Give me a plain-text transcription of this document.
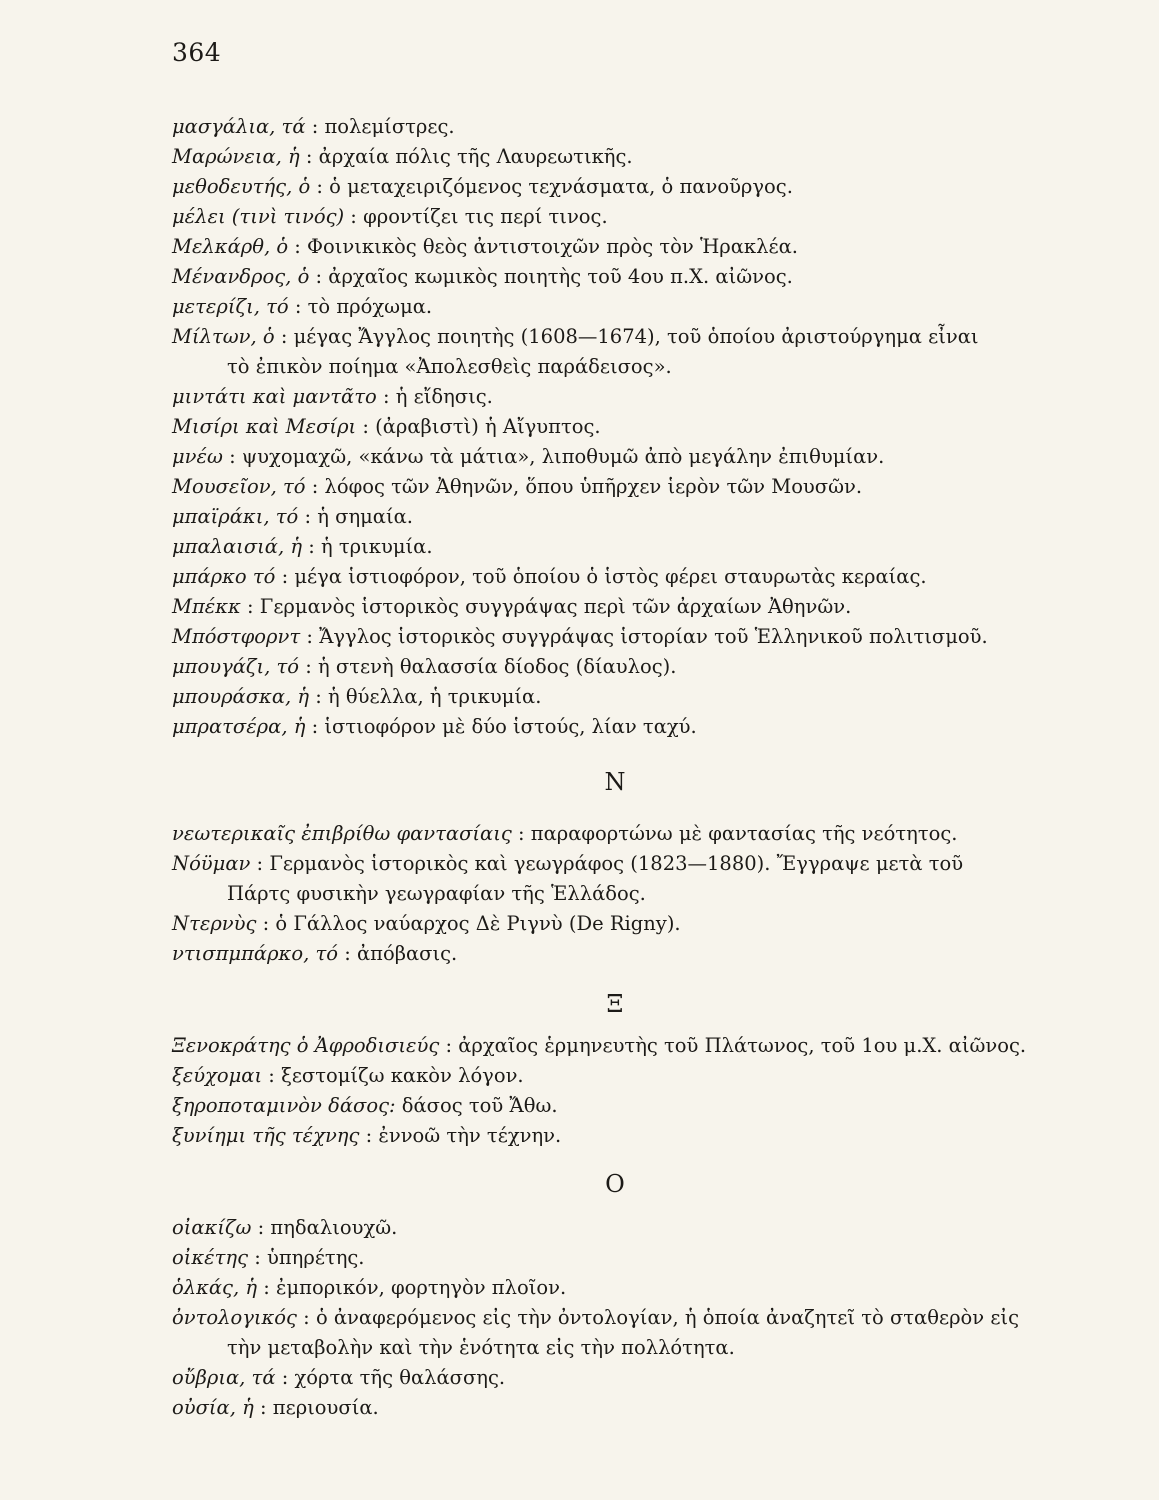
364
μασγάλια, τά : πολεμίστρες.
Μαρώνεια, ἡ : ἀρχαία πόλις τῆς Λαυρεωτικῆς.
μεθοδευτής, ὁ : ὁ μεταχειριζόμενος τεχνάσματα, ὁ πανοῦργος.
μέλει (τινὶ τινός) : φροντίζει τις περί τινος.
Μελκάρθ, ὁ : Φοινικικὸς θεὸς ἀντιστοιχῶν πρὸς τὸν Ἡρακλέα.
Μένανδρος, ὁ : ἀρχαῖος κωμικὸς ποιητὴς τοῦ 4ου π.Χ. αἰῶνος.
μετερίζι, τό : τὸ πρόχωμα.
Μίλτων, ὁ : μέγας Ἄγγλος ποιητὴς (1608—1674), τοῦ ὁποίου ἀριστούργημα εἶναι
τὸ ἐπικὸν ποίημα «Ἀπολεσθεὶς παράδεισος».
μιντάτι καὶ μαντᾶτο : ἡ εἴδησις.
Μισίρι καὶ Μεσίρι : (ἀραβιστὶ) ἡ Αἴγυπτος.
μνέω : ψυχομαχῶ, «κάνω τὰ μάτια», λιποθυμῶ ἀπὸ μεγάλην ἐπιθυμίαν.
Μουσεῖον, τό : λόφος τῶν Ἀθηνῶν, ὅπου ὑπῆρχεν ἱερὸν τῶν Μουσῶν.
μπαϊράκι, τό : ἡ σημαία.
μπαλαισιά, ἡ : ἡ τρικυμία.
μπάρκο τό : μέγα ἱστιοφόρον, τοῦ ὁποίου ὁ ἱστὸς φέρει σταυρωτὰς κεραίας.
Μπέκκ : Γερμανὸς ἱστορικὸς συγγράψας περὶ τῶν ἀρχαίων Ἀθηνῶν.
Μπόστφορντ : Ἄγγλος ἱστορικὸς συγγράψας ἱστορίαν τοῦ Ἑλληνικοῦ πολιτισμοῦ.
μπουγάζι, τό : ἡ στενὴ θαλασσία δίοδος (δίαυλος).
μπουράσκα, ἡ : ἡ θύελλα, ἡ τρικυμία.
μπρατσέρα, ἡ : ἱστιοφόρον μὲ δύο ἱστούς, λίαν ταχύ.
Ν
νεωτερικαῖς ἐπιβρίθω φαντασίαις : παραφορτώνω μὲ φαντασίας τῆς νεότητος.
Νόϋμαν : Γερμανὸς ἱστορικὸς καὶ γεωγράφος (1823—1880). Ἔγγραψε μετὰ τοῦ
Πάρτς φυσικὴν γεωγραφίαν τῆς Ἑλλάδος.
Ντερνὺς : ὁ Γάλλος ναύαρχος Δὲ Ριγνὺ (De Rigny).
ντισπμπάρκο, τό : ἀπόβασις.
Ξ
Ξενοκράτης ὁ Ἀφροδισιεύς : ἀρχαῖος ἑρμηνευτὴς τοῦ Πλάτωνος, τοῦ 1ου μ.Χ. αἰῶνος.
ξεύχομαι : ξεστομίζω κακὸν λόγον.
ξηροποταμινὸν δάσος: δάσος τοῦ Ἄθω.
ξυνίημι τῆς τέχνης : ἐννοῶ τὴν τέχνην.
Ο
οἰακίζω : πηδαλιουχῶ.
οἰκέτης : ὑπηρέτης.
ὁλκάς, ἡ : ἐμπορικόν, φορτηγὸν πλοῖον.
ὀντολογικός : ὁ ἀναφερόμενος εἰς τὴν ὀντολογίαν, ἡ ὁποία ἀναζητεῖ τὸ σταθερὸν εἰς
τὴν μεταβολὴν καὶ τὴν ἑνότητα εἰς τὴν πολλότητα.
οὔβρια, τά : χόρτα τῆς θαλάσσης.
οὐσία, ἡ : περιουσία.
